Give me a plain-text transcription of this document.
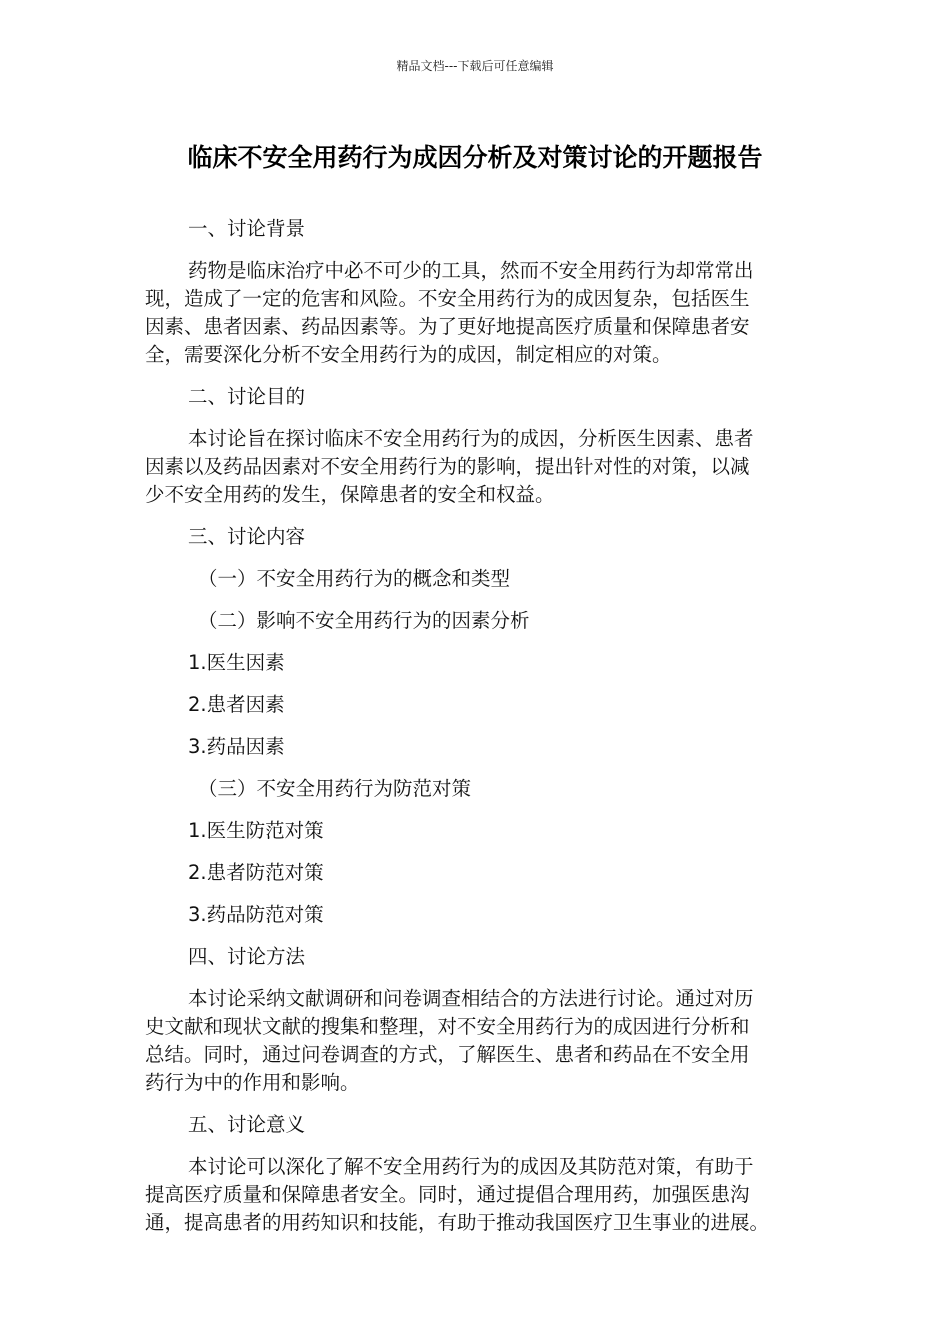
精品文档---下载后可任意编辑
临床不安全用药行为成因分析及对策讨论的开题报告

一、讨论背景

药物是临床治疗中必不可少的工具，然而不安全用药行为却常常出

现，造成了一定的危害和风险。不安全用药行为的成因复杂，包括医生

因素、患者因素、药品因素等。为了更好地提高医疗质量和保障患者安

全，需要深化分析不安全用药行为的成因，制定相应的对策。

二、讨论目的

本讨论旨在探讨临床不安全用药行为的成因，分析医生因素、患者

因素以及药品因素对不安全用药行为的影响，提出针对性的对策，以减

少不安全用药的发生，保障患者的安全和权益。

三、讨论内容

（一）不安全用药行为的概念和类型

（二）影响不安全用药行为的因素分析

1.医生因素

2.患者因素

3.药品因素

（三）不安全用药行为防范对策

1.医生防范对策

2.患者防范对策

3.药品防范对策

四、讨论方法

本讨论采纳文献调研和问卷调查相结合的方法进行讨论。通过对历

史文献和现状文献的搜集和整理，对不安全用药行为的成因进行分析和

总结。同时，通过问卷调查的方式，了解医生、患者和药品在不安全用

药行为中的作用和影响。

五、讨论意义

本讨论可以深化了解不安全用药行为的成因及其防范对策，有助于

提高医疗质量和保障患者安全。同时，通过提倡合理用药，加强医患沟

通，提高患者的用药知识和技能，有助于推动我国医疗卫生事业的进展。
